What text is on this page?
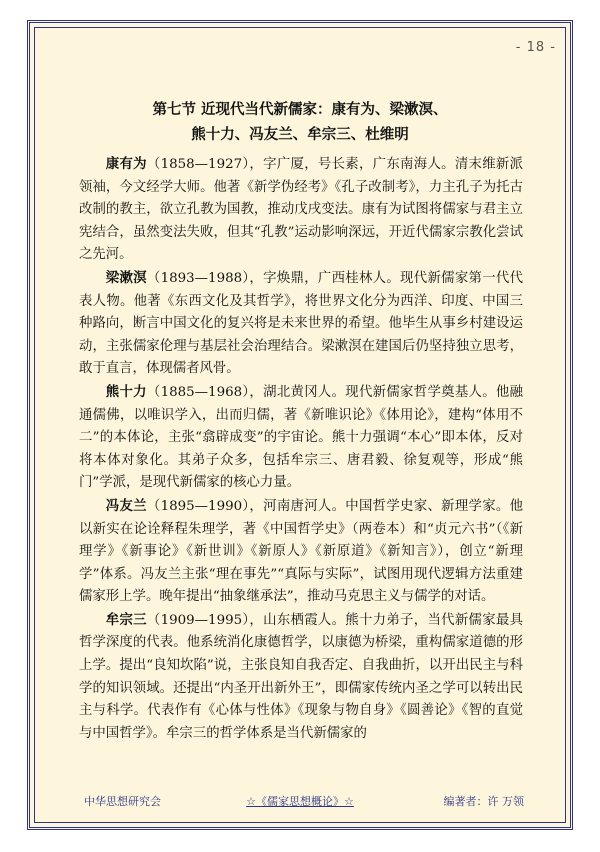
- 18 -
第七节 近现代当代新儒家：康有为、梁漱溟、
熊十力、冯友兰、牟宗三、杜维明

康有为（1858—1927），字广厦，号长素，广东南海人。清末维新派领袖，今文经学大师。他著《新学伪经考》《孔子改制考》，力主孔子为托古改制的教主，欲立孔教为国教，推动戊戌变法。康有为试图将儒家与君主立宪结合，虽然变法失败，但其“孔教”运动影响深远，开近代儒家宗教化尝试之先河。

梁漱溟（1893—1988），字焕鼎，广西桂林人。现代新儒家第一代代表人物。他著《东西文化及其哲学》，将世界文化分为西洋、印度、中国三种路向，断言中国文化的复兴将是未来世界的希望。他毕生从事乡村建设运动，主张儒家伦理与基层社会治理结合。梁漱溟在建国后仍坚持独立思考，敢于直言，体现儒者风骨。

熊十力（1885—1968），湖北黄冈人。现代新儒家哲学奠基人。他融通儒佛，以唯识学入，出而归儒，著《新唯识论》《体用论》，建构“体用不二”的本体论，主张“翕辟成变”的宇宙论。熊十力强调“本心”即本体，反对将本体对象化。其弟子众多，包括牟宗三、唐君毅、徐复观等，形成“熊门”学派，是现代新儒家的核心力量。

冯友兰（1895—1990），河南唐河人。中国哲学史家、新理学家。他以新实在论诠释程朱理学，著《中国哲学史》（两卷本）和“贞元六书”（《新理学》《新事论》《新世训》《新原人》《新原道》《新知言》），创立“新理学”体系。冯友兰主张“理在事先”“真际与实际”，试图用现代逻辑方法重建儒家形上学。晚年提出“抽象继承法”，推动马克思主义与儒学的对话。

牟宗三（1909—1995），山东栖霞人。熊十力弟子，当代新儒家最具哲学深度的代表。他系统消化康德哲学，以康德为桥梁，重构儒家道德的形上学。提出“良知坎陷”说，主张良知自我否定、自我曲折，以开出民主与科学的知识领域。还提出“内圣开出新外王”，即儒家传统内圣之学可以转出民主与科学。代表作有《心体与性体》《现象与物自身》《圆善论》《智的直觉与中国哲学》。牟宗三的哲学体系是当代新儒家的

中华思想研究会	☆《儒家思想概论》☆	编著者：许 万领
